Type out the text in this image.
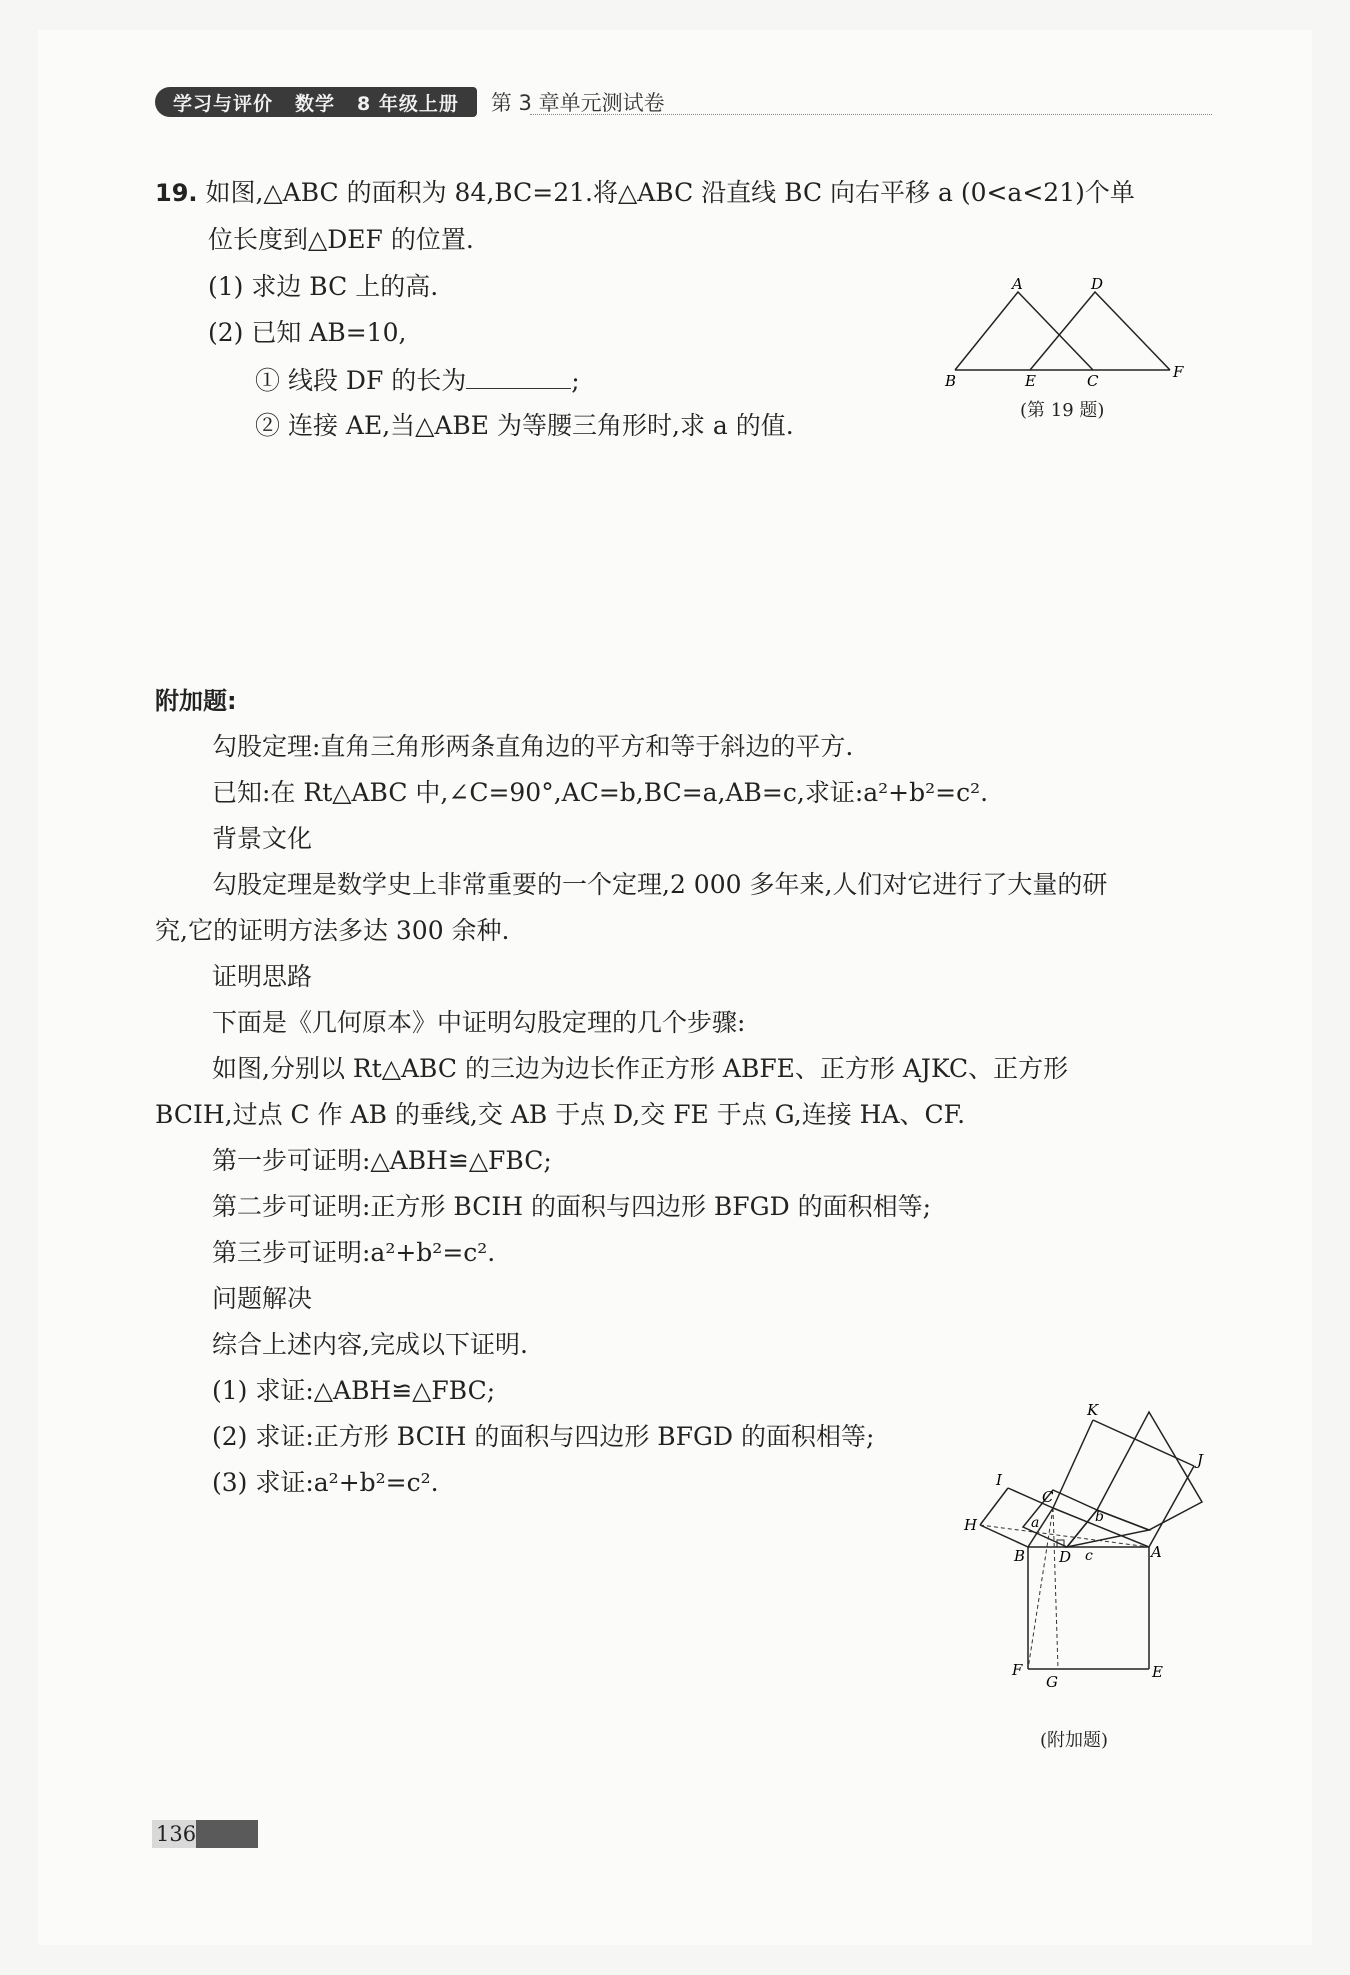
学习与评价 数学 8 年级上册 第 3 章单元测试卷
19. 如图,△ABC 的面积为 84,BC=21.将△ABC 沿直线 BC 向右平移 a (0<a<21)个单
位长度到△DEF 的位置.
(1) 求边 BC 上的高.
(2) 已知 AB=10,
① 线段 DF 的长为	;
② 连接 AE,当△ABE 为等腰三角形时,求 a 的值.
A	D
B	E	C	F
(第 19 题)
附加题:
勾股定理:直角三角形两条直角边的平方和等于斜边的平方.
已知:在 Rt△ABC 中,∠C=90°,AC=b,BC=a,AB=c,求证:a²+b²=c².
背景文化
勾股定理是数学史上非常重要的一个定理,2 000 多年来,人们对它进行了大量的研
究,它的证明方法多达 300 余种.
证明思路
下面是《几何原本》中证明勾股定理的几个步骤:
如图,分别以 Rt△ABC 的三边为边长作正方形 ABFE、正方形 AJKC、正方形
BCIH,过点 C 作 AB 的垂线,交 AB 于点 D,交 FE 于点 G,连接 HA、CF.
第一步可证明:△ABH≌△FBC;
第二步可证明:正方形 BCIH 的面积与四边形 BFGD 的面积相等;
第三步可证明:a²+b²=c².
问题解决
综合上述内容,完成以下证明.
(1) 求证:△ABH≌△FBC;
(2) 求证:正方形 BCIH 的面积与四边形 BFGD 的面积相等;
(3) 求证:a²+b²=c².
K
J
I
C
H	a	b
B D c	A
F
G
E
(附加题)
136
